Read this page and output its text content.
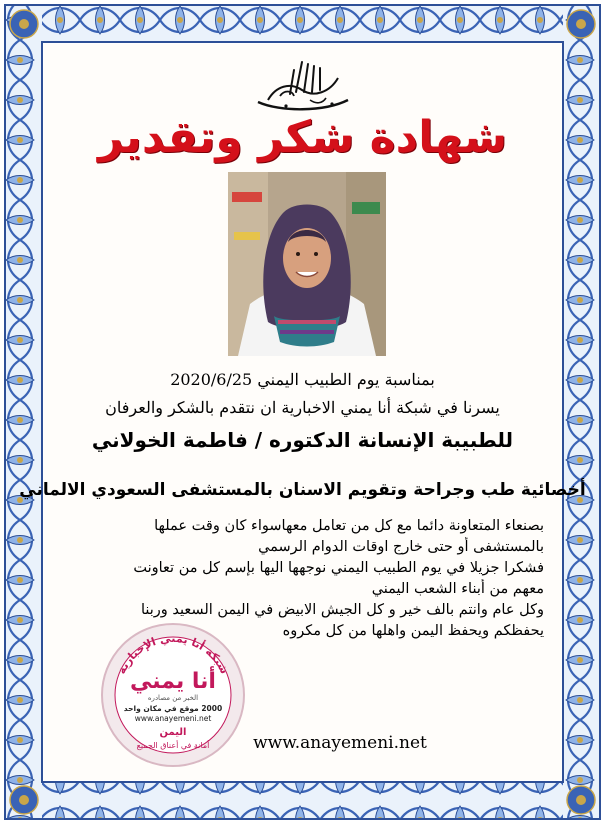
شهادة شكر وتقدير
بمناسبة يوم الطبيب اليمني 2020/6/25
يسرنا في شبكة أنا يمني الاخبارية ان نتقدم بالشكر والعرفان
للطبيبة الإنسانة الدكتوره / فاطمة الخولاني
أخصائية طب وجراحة وتقويم الاسنان بالمستشفى السعودي الالماني
بصنعاء المتعاونة دائما مع كل من تعامل معهاسواء كان وقت عملها
بالمستشفى أو حتى خارج اوقات الدوام الرسمي
فشكرا جزيلا في يوم الطبيب اليمني نوجهها اليها بإسم كل من تعاونت
معهم من أبناء الشعب اليمني
وكل عام وانتم بالف خير و كل الجيش الابيض في اليمن السعيد وربنا
يحفظكم ويحفظ اليمن واهلها من كل مكروه
شبكة أنا يمني الإخبارية
أنا يمني
الخبر من مصادره
2000 موقع في مكان واحد
www.anayemeni.net
اليمن
أمانة في أعناق الجميع	www.anayemeni.net
